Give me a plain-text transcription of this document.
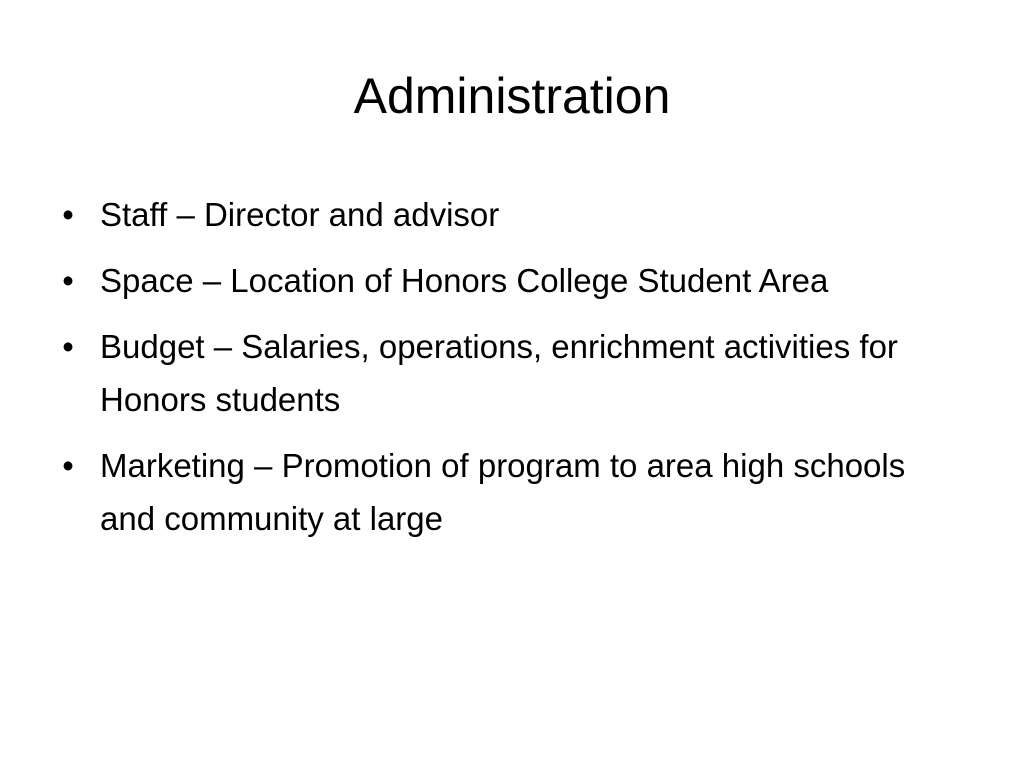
Administration
• Staff – Director and advisor
• Space – Location of Honors College Student Area
• Budget – Salaries, operations, enrichment activities for Honors students
• Marketing – Promotion of program to area high schools and community at large
